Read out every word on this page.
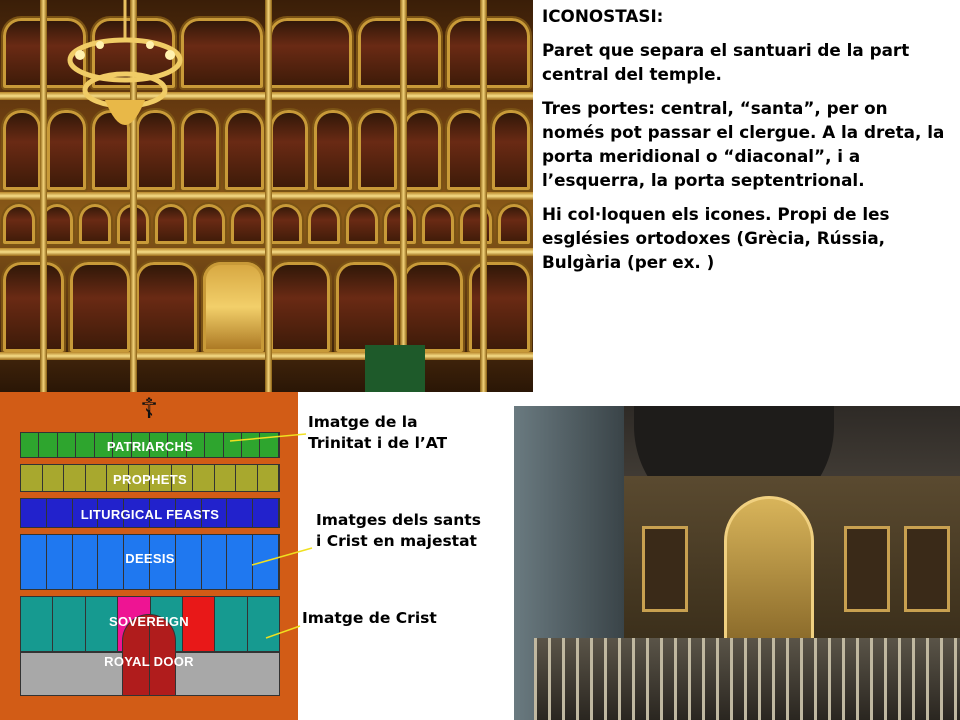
ICONOSTASI:

Paret que separa el santuari de la part central del temple.

Tres portes: central, “santa”, per on només pot passar el clergue. A la dreta, la porta meridional o “diaconal”, i a l’esquerra, la porta septentrional.

Hi col·loquen els icones. Propi de les esglésies ortodoxes (Grècia, Rússia, Bulgària (per ex. )

☦
PATRIARCHS
PROPHETS
LITURGICAL FEASTS
DEESIS
SOVEREIGN
ROYAL DOOR
Imatge de la Trinitat i de l’AT
Imatges dels sants i Crist en majestat
Imatge de Crist
